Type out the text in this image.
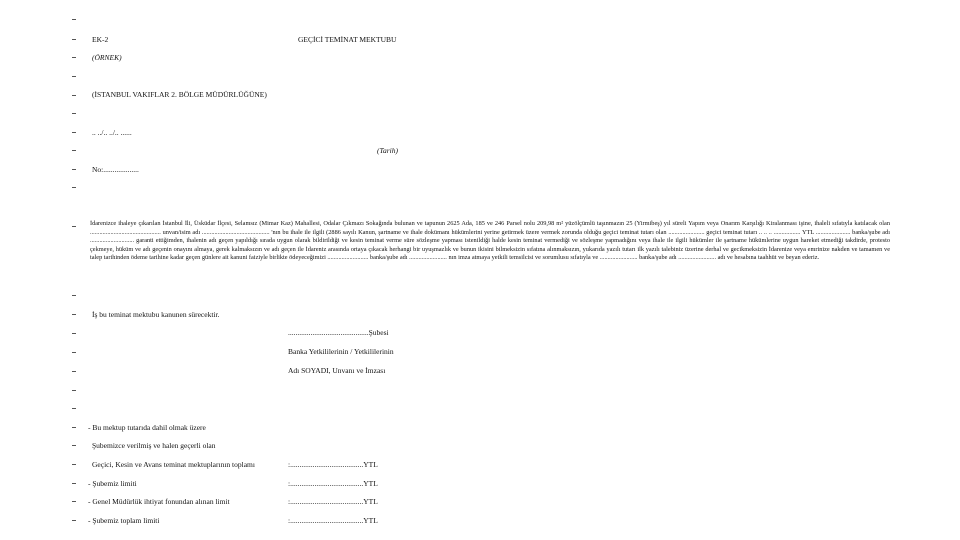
EK-2	GEÇİCİ TEMİNAT MEKTUBU
(ÖRNEK)
(İSTANBUL VAKIFLAR 2. BÖLGE MÜDÜRLÜĞÜNE)
.. ../.. ../.. ......
(Tarih)
No:...................
İdarenizce ihaleye çıkarılan İstanbul İli, Üsküdar İlçesi, Selamsız (Mimar Kaz) Mahallesi, Odalar Çıkmazı Sokağında bulunan ve tapunun 2625 Ada, 185 ve 246 Parsel nolu 209,98 m² yüzölçümlü taşınmazın 25 (Yirmibeş) yıl süreli Yapım veya Onarım Karşılığı Kiralanması işine, ihaleli sıfatıyla katılacak olan ............................................. unvan/isim adı ........................................... 'nın bu ihale ile ilgili (2886 sayılı Kanun, şartname ve ihale dokümanı hükümlerini yerine getirmek üzere vermek zorunda olduğu geçici teminat tutarı olan ....................... geçici teminat tutarı .. .. .. ................. YTL ...................... banka/şube adı ............................ garanti ettiğimden, ihalenin adı geçen yapıldığı sırada uygun olarak bildirildiği ve kesin teminat verme süre sözleşme yapması istenildiği halde kesin teminat vermediği ve sözleşme yapmadığını veya ihale ile ilgili hükümler ile şartname hükümlerine uygun hareket etmediği takdirde, protesto çekmeye, hüküm ve adı geçenin onayını almaya, gerek kalmaksızın ve adı geçen ile İdareniz arasında ortaya çıkacak herhangi bir uyuşmazlık ve bunun ikisini bilmeksizin sıfatına alınmaksızın, yukarıda yazılı tutarı ilk yazılı talebiniz üzerine derhal ve gecikmeksizin İdarenize veya emrinize nakden ve tamamen ve talep tarihinden ödeme tarihine kadar geçen günlere ait kanuni faiziyle birlikte ödeyeceğimizi .......................... banka/şube adı ........................ nın imza atmaya yetkili temsilcisi ve sorumlusu sıfatıyla ve ........................ banka/şube adı ........................ adı ve hesabına taahhüt ve beyan ederiz.
İş bu teminat mektubu kanunen sürecektir.
...........................................Şubesi
Banka Yetkililerinin / Yetkililerinin
Adı SOYADI, Unvanı ve İmzası
- Bu mektup tutarıda dahil olmak üzere
Şubemizce verilmiş ve halen geçerli olan
Geçici, Kesin ve Avans teminat mektuplarının toplamı	:.......................................YTL
- Şubemiz limiti	:.......................................YTL
- Genel Müdürlük ihtiyat fonundan alınan limit	:.......................................YTL
- Şubemiz toplam limiti	:.......................................YTL
